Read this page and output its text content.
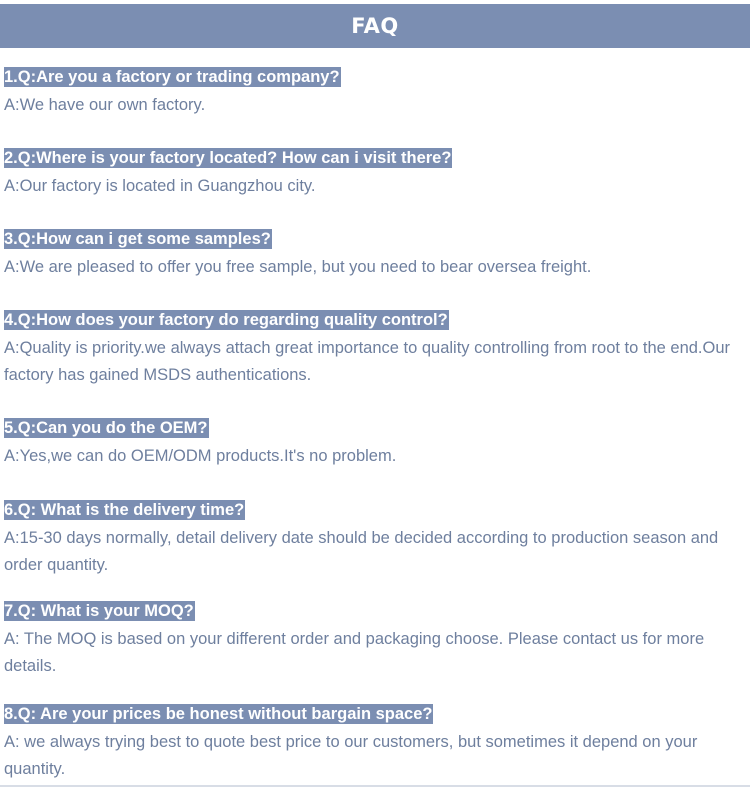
FAQ
1.Q:Are you a factory or trading company?
A:We have our own factory.
2.Q:Where is your factory located? How can i visit there?
A:Our factory is located in Guangzhou city.
3.Q:How can i get some samples?
A:We are pleased to offer you free sample, but you need to bear oversea freight.
4.Q:How does your factory do regarding quality control?
A:Quality is priority.we always attach great importance to quality controlling from root to the end.Our factory has gained MSDS authentications.
5.Q:Can you do the OEM?
A:Yes,we can do OEM/ODM products.It's no problem.
6.Q: What is the delivery time?
A:15-30 days normally, detail delivery date should be decided according to production season and order quantity.
7.Q: What is your MOQ?
A: The MOQ is based on your different order and packaging choose. Please contact us for more details.
8.Q: Are your prices be honest without bargain space?
A: we always trying best to quote best price to our customers, but sometimes it depend on your quantity.
